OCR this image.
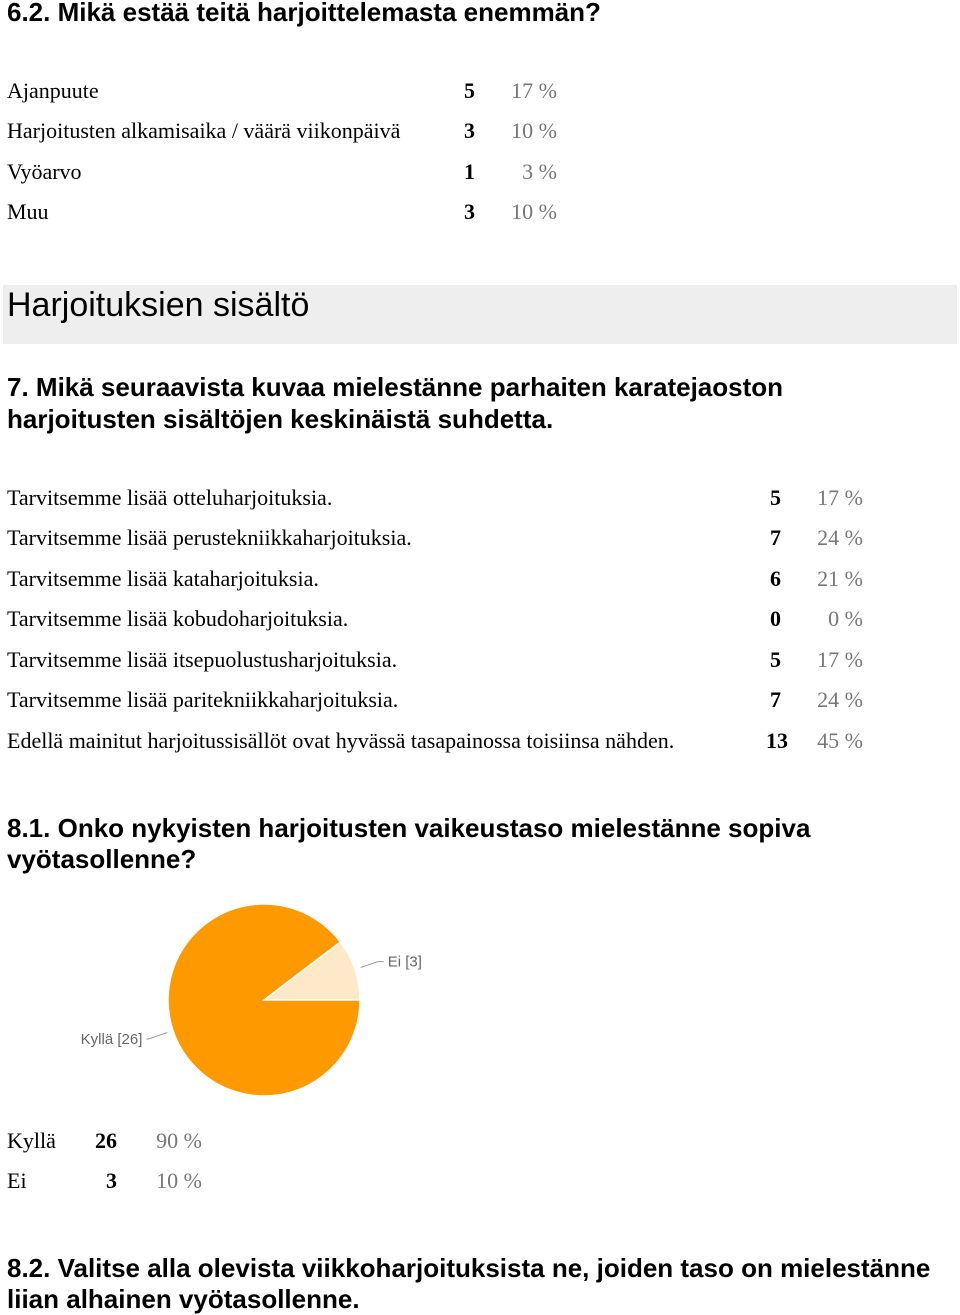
6.2. Mikä estää teitä harjoittelemasta enemmän?
Ajanpuute	5	17 %
Harjoitusten alkamisaika / väärä viikonpäivä	3	10 %
Vyöarvo	1	3 %
Muu	3	10 %
Harjoituksien sisältö
7. Mikä seuraavista kuvaa mielestänne parhaiten karatejaoston
harjoitusten sisältöjen keskinäistä suhdetta.
Tarvitsemme lisää otteluharjoituksia.	5	17 %
Tarvitsemme lisää perustekniikkaharjoituksia.	7	24 %
Tarvitsemme lisää kataharjoituksia.	6	21 %
Tarvitsemme lisää kobudoharjoituksia.	0	0 %
Tarvitsemme lisää itsepuolustusharjoituksia.	5	17 %
Tarvitsemme lisää paritekniikkaharjoituksia.	7	24 %
Edellä mainitut harjoitussisällöt ovat hyvässä tasapainossa toisiinsa nähden.	13	45 %
8.1. Onko nykyisten harjoitusten vaikeustaso mielestänne sopiva
vyötasollenne?
Ei [3]
Kyllä [26]
Kyllä	26	90 %
Ei	3	10 %
8.2. Valitse alla olevista viikkoharjoituksista ne, joiden taso on mielestänne
liian alhainen vyötasollenne.
